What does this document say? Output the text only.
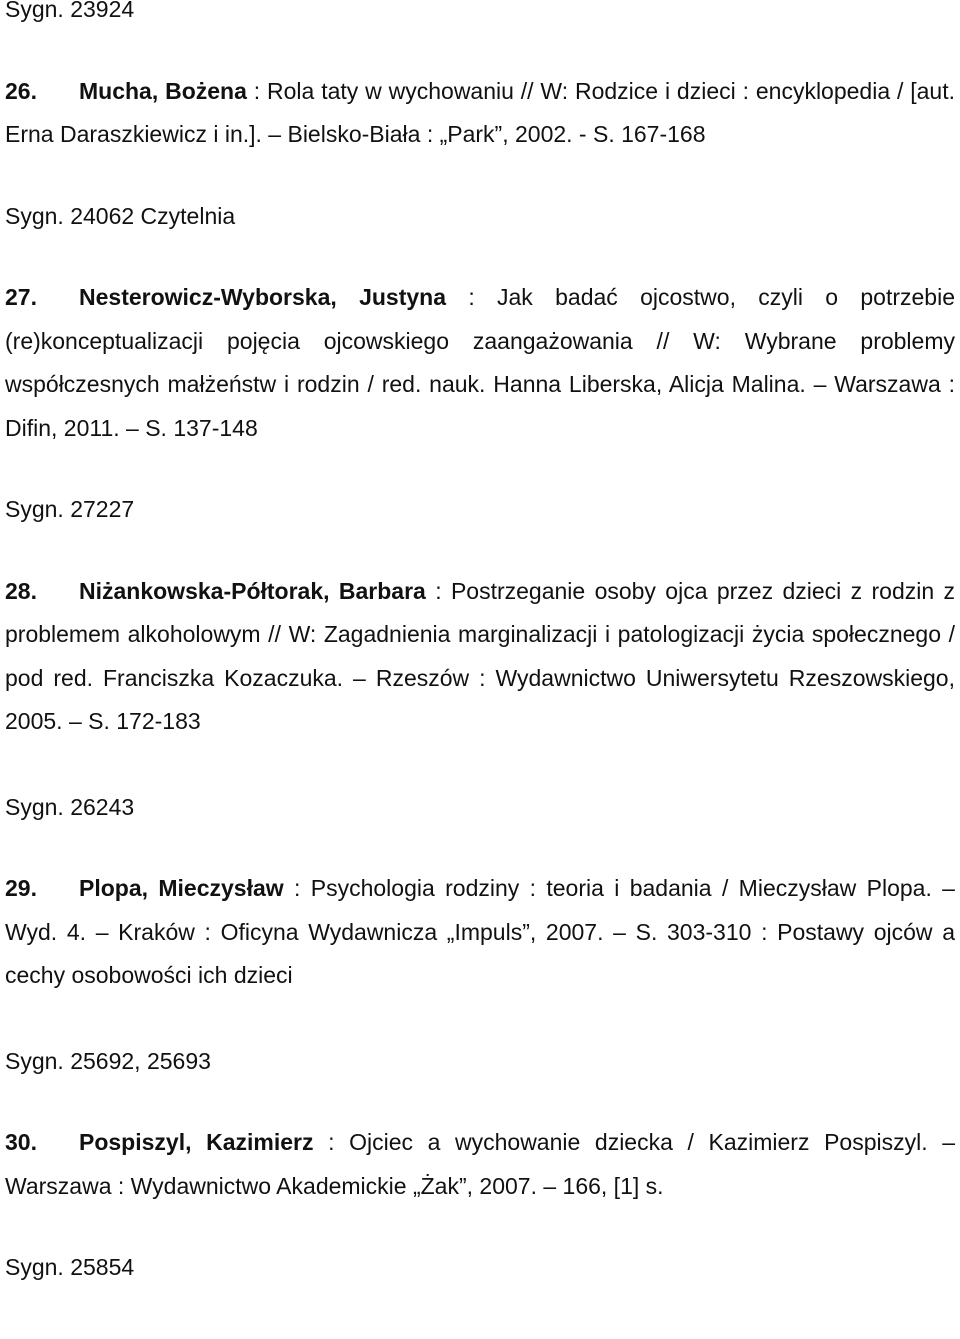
Sygn. 23924

26. Mucha, Bożena : Rola taty w wychowaniu // W: Rodzice i dzieci : encyklopedia / [aut. Erna Daraszkiewicz i in.]. – Bielsko-Biała : „Park”, 2002. - S. 167-168

Sygn. 24062 Czytelnia

27. Nesterowicz-Wyborska, Justyna : Jak badać ojcostwo, czyli o potrzebie (re)konceptualizacji pojęcia ojcowskiego zaangażowania // W: Wybrane problemy współczesnych małżeństw i rodzin / red. nauk. Hanna Liberska, Alicja Malina. – Warszawa : Difin, 2011. – S. 137-148

Sygn. 27227

28. Niżankowska-Półtorak, Barbara : Postrzeganie osoby ojca przez dzieci z rodzin z problemem alkoholowym // W: Zagadnienia marginalizacji i patologizacji życia społecznego / pod red. Franciszka Kozaczuka. – Rzeszów : Wydawnictwo Uniwersytetu Rzeszowskiego, 2005. – S. 172-183

Sygn. 26243

29. Plopa, Mieczysław : Psychologia rodziny : teoria i badania / Mieczysław Plopa. – Wyd. 4. – Kraków : Oficyna Wydawnicza „Impuls”, 2007. – S. 303-310 : Postawy ojców a cechy osobowości ich dzieci

Sygn. 25692, 25693

30. Pospiszyl, Kazimierz : Ojciec a wychowanie dziecka / Kazimierz Pospiszyl. – Warszawa : Wydawnictwo Akademickie „Żak”, 2007. – 166, [1] s.

Sygn. 25854
